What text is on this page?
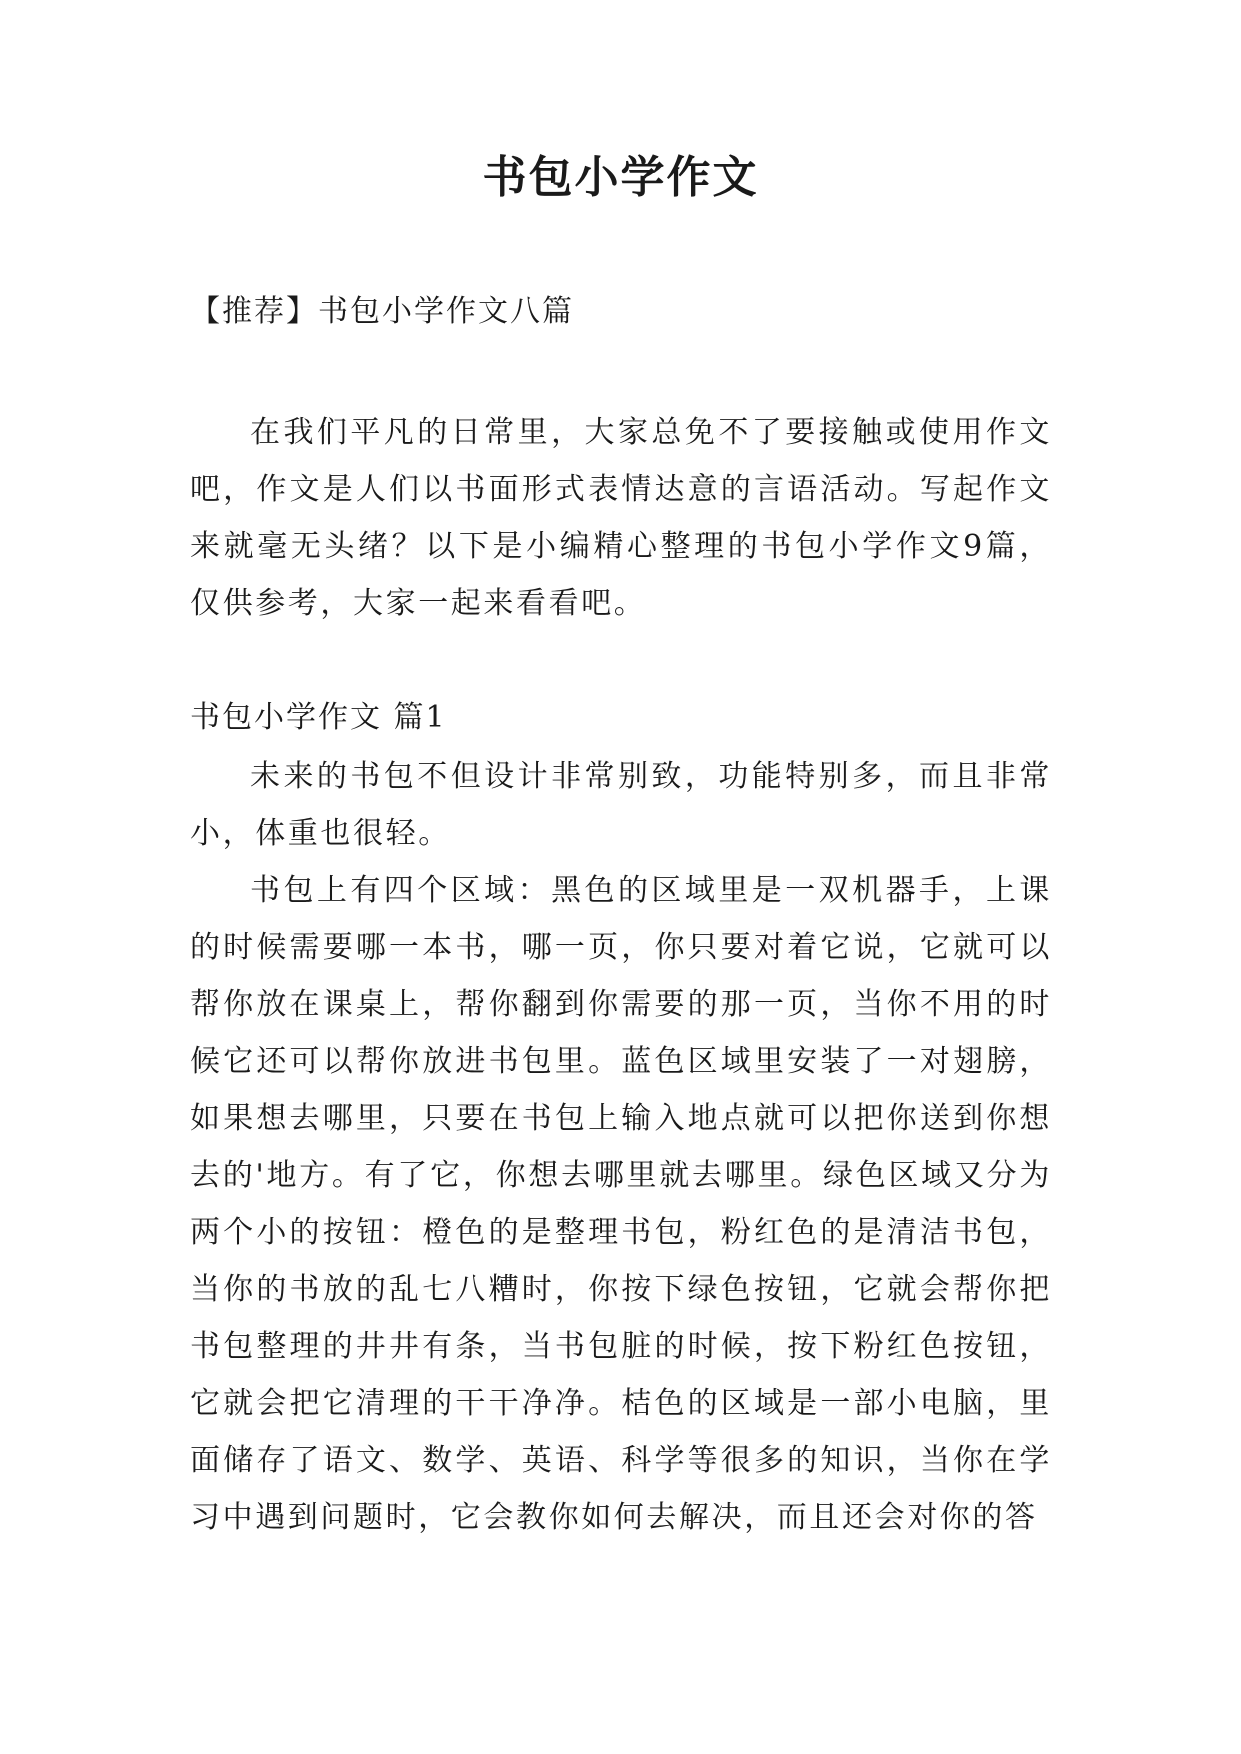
书包小学作文
【推荐】书包小学作文八篇

在我们平凡的日常里，大家总免不了要接触或使用作文吧，作文是人们以书面形式表情达意的言语活动。写起作文来就毫无头绪？以下是小编精心整理的书包小学作文9篇，仅供参考，大家一起来看看吧。

书包小学作文 篇1

未来的书包不但设计非常别致，功能特别多，而且非常小，体重也很轻。

书包上有四个区域：黑色的区域里是一双机器手，上课的时候需要哪一本书，哪一页，你只要对着它说，它就可以帮你放在课桌上，帮你翻到你需要的那一页，当你不用的时候它还可以帮你放进书包里。蓝色区域里安装了一对翅膀，如果想去哪里，只要在书包上输入地点就可以把你送到你想去的'地方。有了它，你想去哪里就去哪里。绿色区域又分为两个小的按钮：橙色的是整理书包，粉红色的是清洁书包，当你的书放的乱七八糟时，你按下绿色按钮，它就会帮你把书包整理的井井有条，当书包脏的时候，按下粉红色按钮，它就会把它清理的干干净净。桔色的区域是一部小电脑，里面储存了语文、数学、英语、科学等很多的知识，当你在学习中遇到问题时，它会教你如何去解决，而且还会对你的答
